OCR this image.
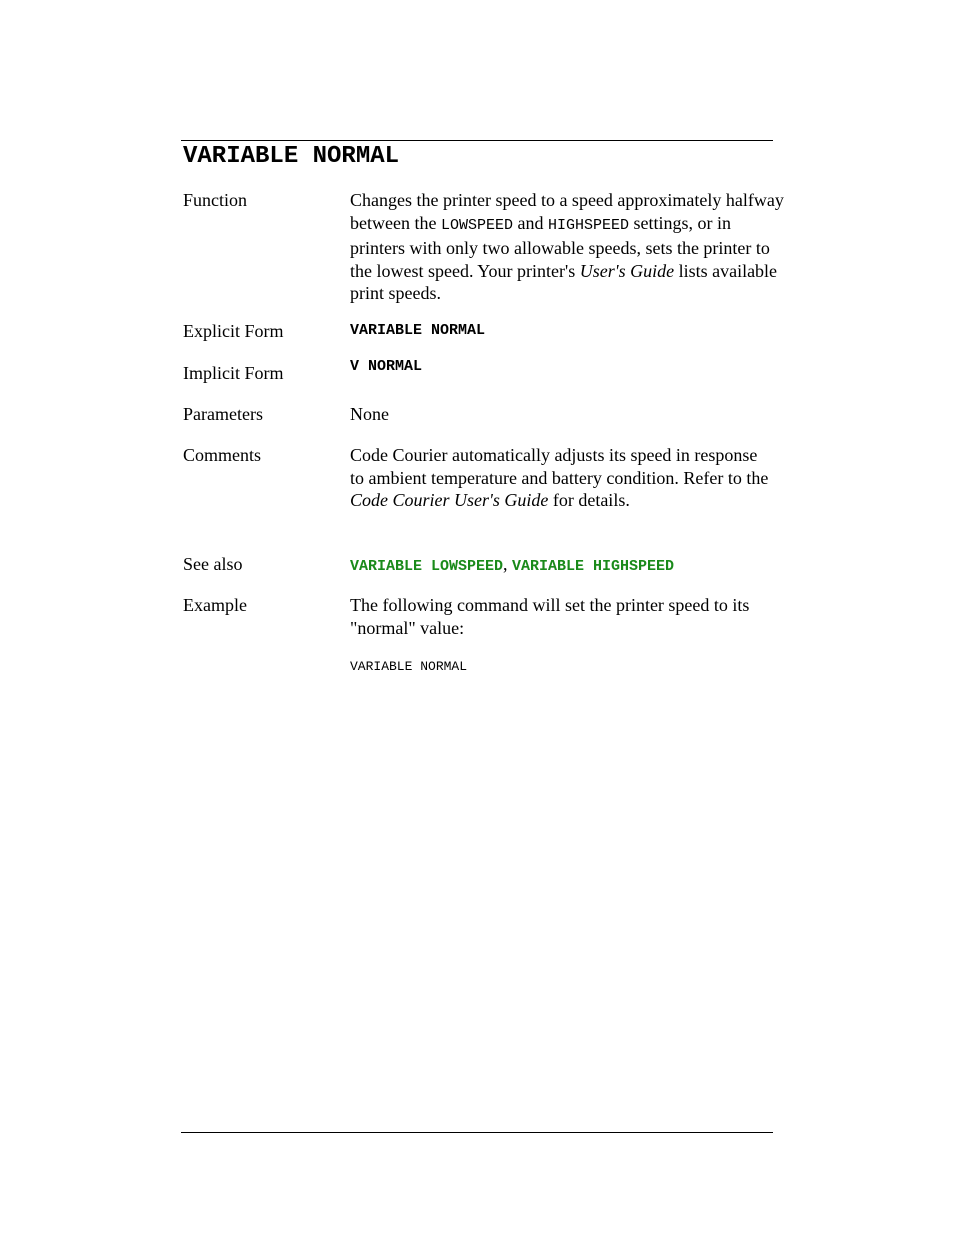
VARIABLE NORMAL
Function	Changes the printer speed to a speed approximately halfway between the LOWSPEED and HIGHSPEED settings, or in printers with only two allowable speeds, sets the printer to the lowest speed. Your printer's User's Guide lists available print speeds.
Explicit Form	VARIABLE NORMAL
Implicit Form	V NORMAL
Parameters	None
Comments	Code Courier automatically adjusts its speed in response to ambient temperature and battery condition. Refer to the Code Courier User's Guide for details.
See also	VARIABLE LOWSPEED, VARIABLE HIGHSPEED
Example	The following command will set the printer speed to its "normal" value:
VARIABLE NORMAL
